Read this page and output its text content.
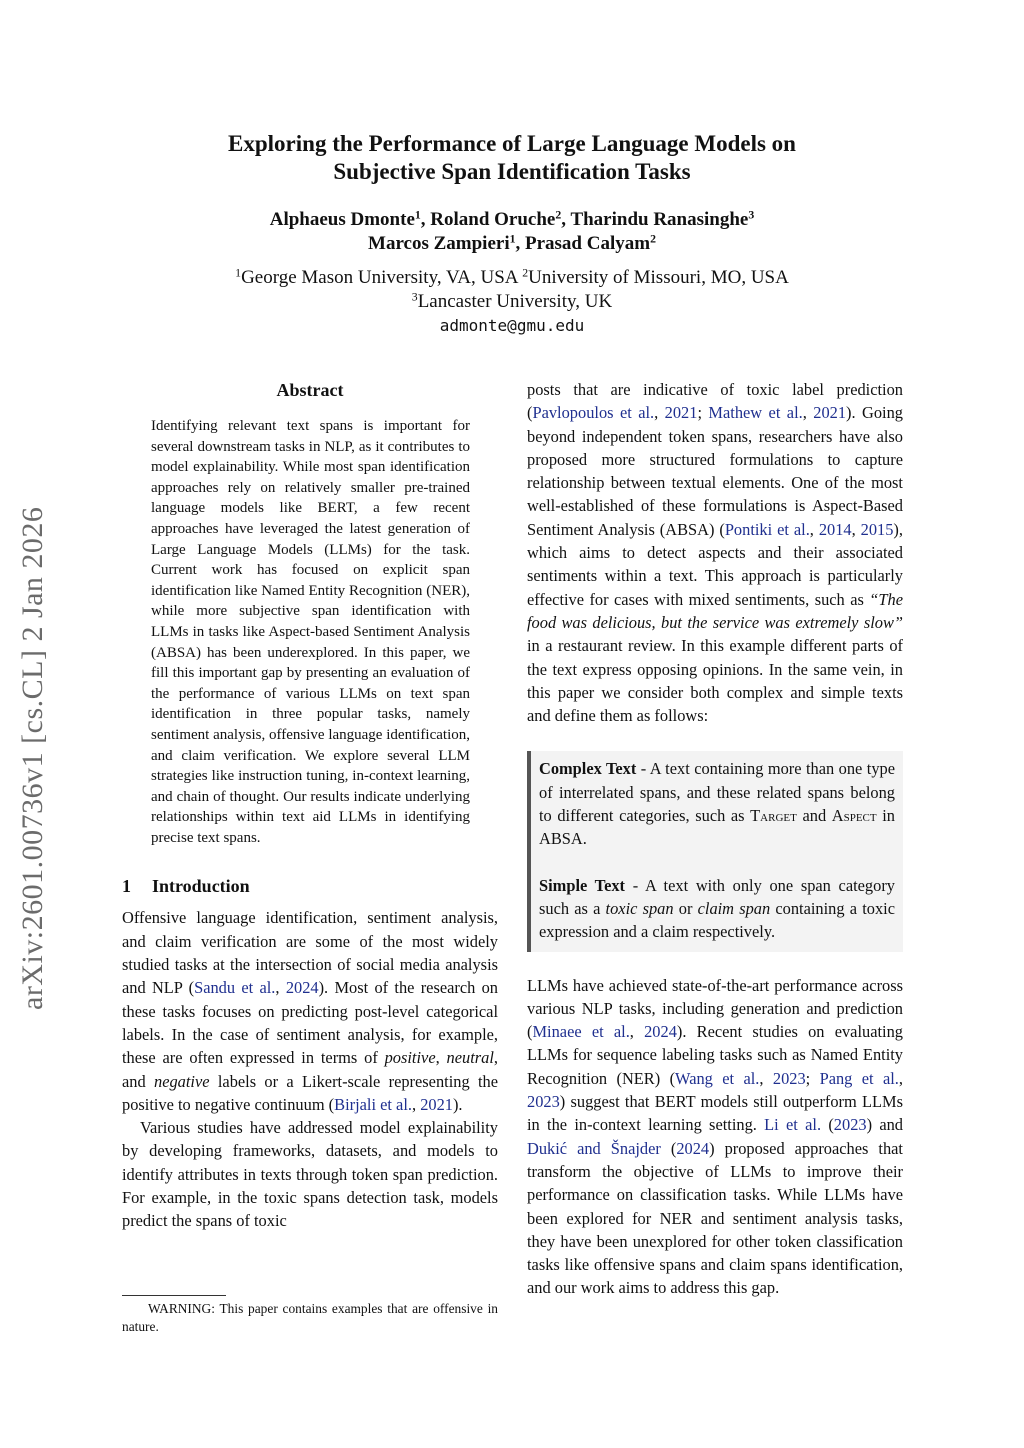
arXiv:2601.00736v1 [cs.CL] 2 Jan 2026
Exploring the Performance of Large Language Models on
Subjective Span Identification Tasks
Alphaeus Dmonte$^1$, Roland Oruche$^2$, Tharindu Ranasinghe$^3$
Marcos Zampieri$^1$, Prasad Calyam$^2$
$^1$George Mason University, VA, USA $^2$University of Missouri, MO, USA
$^3$Lancaster University, UK
admonte@gmu.edu
Abstract

Identifying relevant text spans is important for several downstream tasks in NLP, as it contributes to model explainability. While most span identification approaches rely on relatively smaller pre-trained language models like BERT, a few recent approaches have leveraged the latest generation of Large Language Models (LLMs) for the task. Current work has focused on explicit span identification like Named Entity Recognition (NER), while more subjective span identification with LLMs in tasks like Aspect-based Sentiment Analysis (ABSA) has been underexplored. In this paper, we fill this important gap by presenting an evaluation of the performance of various LLMs on text span identification in three popular tasks, namely sentiment analysis, offensive language identification, and claim verification. We explore several LLM strategies like instruction tuning, in-context learning, and chain of thought. Our results indicate underlying relationships within text aid LLMs in identifying precise text spans.

1 Introduction

Offensive language identification, sentiment analysis, and claim verification are some of the most widely studied tasks at the intersection of social media analysis and NLP (Sandu et al., 2024). Most of the research on these tasks focuses on predicting post-level categorical labels. In the case of sentiment analysis, for example, these are often expressed in terms of positive, neutral, and negative labels or a Likert-scale representing the positive to negative continuum (Birjali et al., 2021).

Various studies have addressed model explainability by developing frameworks, datasets, and models to identify attributes in texts through token span prediction. For example, in the toxic spans detection task, models predict the spans of toxic

WARNING: This paper contains examples that are offensive in nature.

posts that are indicative of toxic label prediction (Pavlopoulos et al., 2021; Mathew et al., 2021). Going beyond independent token spans, researchers have also proposed more structured formulations to capture relationship between textual elements. One of the most well-established of these formulations is Aspect-Based Sentiment Analysis (ABSA) (Pontiki et al., 2014, 2015), which aims to detect aspects and their associated sentiments within a text. This approach is particularly effective for cases with mixed sentiments, such as “The food was delicious, but the service was extremely slow” in a restaurant review. In this example different parts of the text express opposing opinions. In the same vein, in this paper we consider both complex and simple texts and define them as follows:

Complex Text - A text containing more than one type of interrelated spans, and these related spans belong to different categories, such as Target and Aspect in ABSA.

Simple Text - A text with only one span category such as a toxic span or claim span containing a toxic expression and a claim respectively.

LLMs have achieved state-of-the-art performance across various NLP tasks, including generation and prediction (Minaee et al., 2024). Recent studies on evaluating LLMs for sequence labeling tasks such as Named Entity Recognition (NER) (Wang et al., 2023; Pang et al., 2023) suggest that BERT models still outperform LLMs in the in-context learning setting. Li et al. (2023) and Dukić and Šnajder (2024) proposed approaches that transform the objective of LLMs to improve their performance on classification tasks. While LLMs have been explored for NER and sentiment analysis tasks, they have been unexplored for other token classification tasks like offensive spans and claim spans identification, and our work aims to address this gap.
